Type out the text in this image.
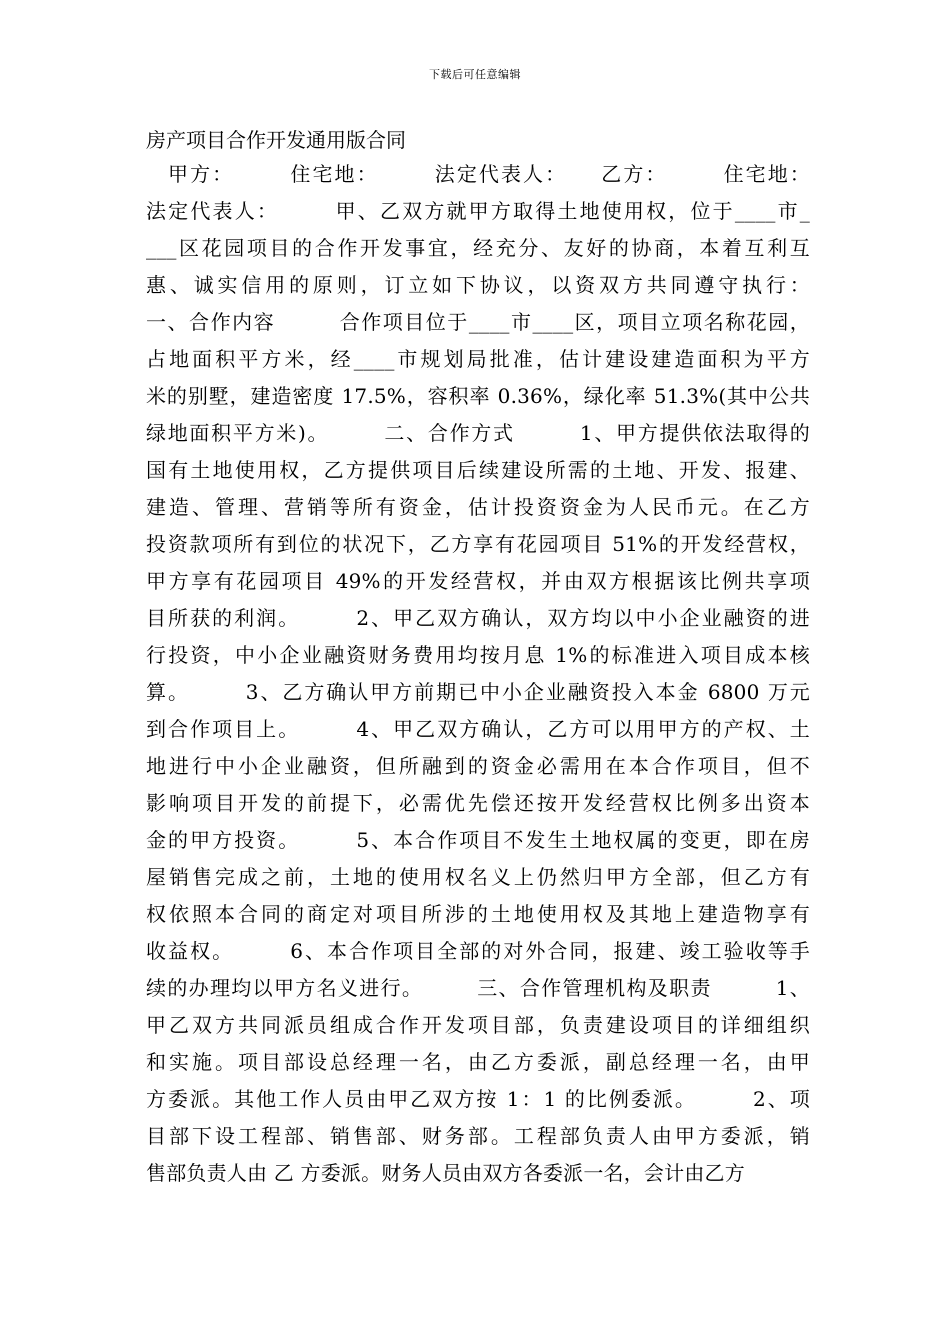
下载后可任意编辑
房产项目合作开发通用版合同
　甲方：　　　住宅地：　　　法定代表人：　　乙方：　　　住宅地：
法定代表人：　　　甲、乙双方就甲方取得土地使用权，位于____市_
___区花园项目的合作开发事宜，经充分、友好的协商，本着互利互
惠、诚实信用的原则，订立如下协议，以资双方共同遵守执行：
一、合作内容　　　合作项目位于____市____区，项目立项名称花园，
占地面积平方米，经____市规划局批准，估计建设建造面积为平方
米的别墅，建造密度 17.5%，容积率 0.36%，绿化率 51.3%(其中公共
绿地面积平方米)。　　　二、合作方式　　　1、甲方提供依法取得的
国有土地使用权，乙方提供项目后续建设所需的土地、开发、报建、
建造、管理、营销等所有资金，估计投资资金为人民币元。在乙方
投资款项所有到位的状况下，乙方享有花园项目 51%的开发经营权，
甲方享有花园项目 49%的开发经营权，并由双方根据该比例共享项
目所获的利润。　　　2、甲乙双方确认，双方均以中小企业融资的进
行投资，中小企业融资财务费用均按月息 1%的标准进入项目成本核
算。　　　3、乙方确认甲方前期已中小企业融资投入本金 6800 万元
到合作项目上。　　　4、甲乙双方确认，乙方可以用甲方的产权、土
地进行中小企业融资，但所融到的资金必需用在本合作项目，但不
影响项目开发的前提下，必需优先偿还按开发经营权比例多出资本
金的甲方投资。　　　5、本合作项目不发生土地权属的变更，即在房
屋销售完成之前，土地的使用权名义上仍然归甲方全部，但乙方有
权依照本合同的商定对项目所涉的土地使用权及其地上建造物享有
收益权。　　　6、本合作项目全部的对外合同，报建、竣工验收等手
续的办理均以甲方名义进行。　　　三、合作管理机构及职责　　　1、
甲乙双方共同派员组成合作开发项目部，负责建设项目的详细组织
和实施。项目部设总经理一名，由乙方委派，副总经理一名，由甲
方委派。其他工作人员由甲乙双方按 1：1 的比例委派。　　　2、项
目部下设工程部、销售部、财务部。工程部负责人由甲方委派，销
售部负责人由 乙 方委派。财务人员由双方各委派一名，会计由乙方
